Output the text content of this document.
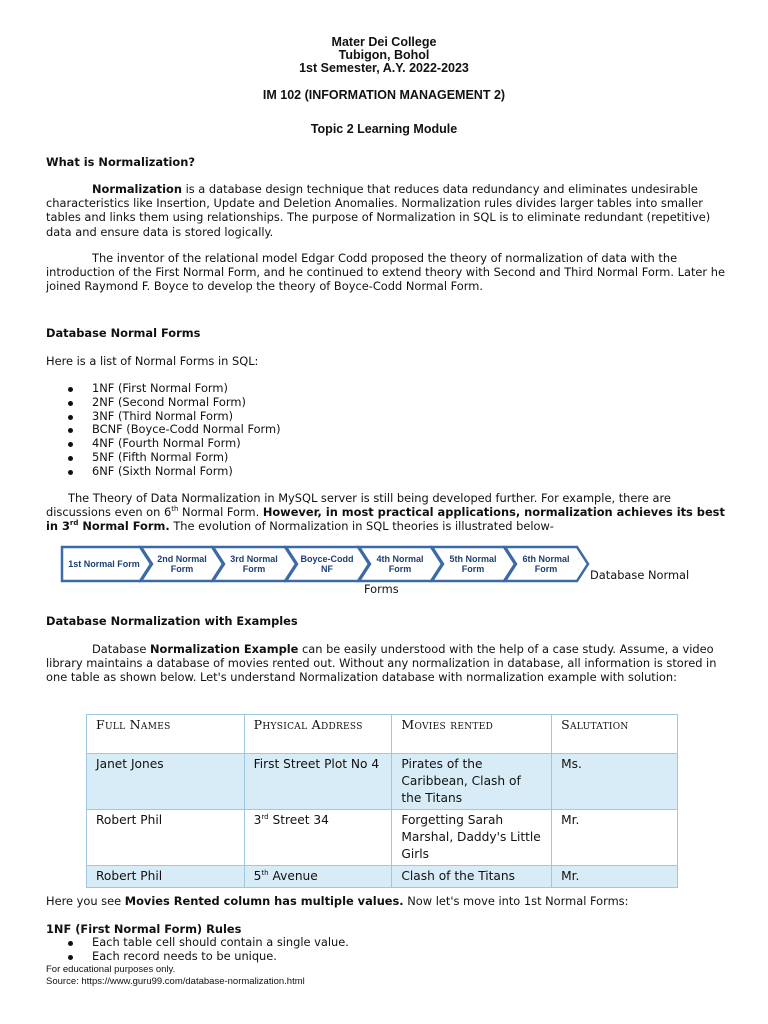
Mater Dei College
Tubigon, Bohol
1st Semester, A.Y. 2022-2023
IM 102 (INFORMATION MANAGEMENT 2)
Topic 2 Learning Module
What is Normalization?
Normalization is a database design technique that reduces data redundancy and eliminates undesirable characteristics like Insertion, Update and Deletion Anomalies. Normalization rules divides larger tables into smaller tables and links them using relationships. The purpose of Normalization in SQL is to eliminate redundant (repetitive) data and ensure data is stored logically.
The inventor of the relational model Edgar Codd proposed the theory of normalization of data with the introduction of the First Normal Form, and he continued to extend theory with Second and Third Normal Form. Later he joined Raymond F. Boyce to develop the theory of Boyce-Codd Normal Form.
Database Normal Forms
Here is a list of Normal Forms in SQL:
1NF (First Normal Form)
2NF (Second Normal Form)
3NF (Third Normal Form)
BCNF (Boyce-Codd Normal Form)
4NF (Fourth Normal Form)
5NF (Fifth Normal Form)
6NF (Sixth Normal Form)
The Theory of Data Normalization in MySQL server is still being developed further. For example, there are discussions even on 6th Normal Form. However, in most practical applications, normalization achieves its best in 3rd Normal Form. The evolution of Normalization in SQL theories is illustrated below-
1st Normal Form	2nd Normal Form
3rd Normal Form
Boyce-Codd NF
4th Normal Form
5th Normal Form
6th Normal Form	Database Normal
Forms
Database Normalization with Examples
Database Normalization Example can be easily understood with the help of a case study. Assume, a video library maintains a database of movies rented out. Without any normalization in database, all information is stored in one table as shown below. Let's understand Normalization database with normalization example with solution:
Full Names	Physical Address	Movies rented	Salutation
Janet Jones	First Street Plot No 4	Pirates of the Caribbean, Clash of the Titans	Ms.
Robert Phil	3rd Street 34	Forgetting Sarah Marshal, Daddy's Little Girls	Mr.
Robert Phil	5th Avenue	Clash of the Titans	Mr.
Here you see Movies Rented column has multiple values. Now let's move into 1st Normal Forms:
1NF (First Normal Form) Rules
Each table cell should contain a single value.
Each record needs to be unique.
For educational purposes only.
Source: https://www.guru99.com/database-normalization.html
